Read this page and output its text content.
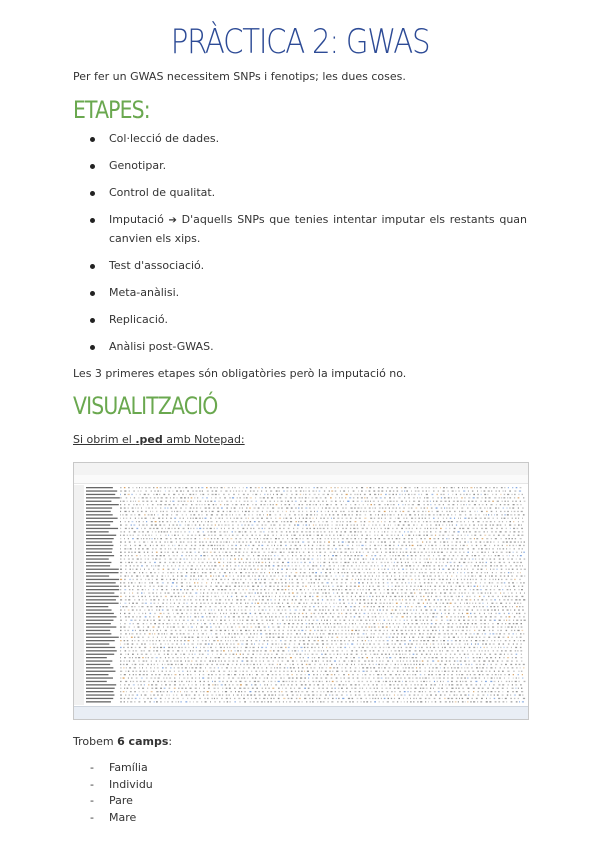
PRÀCTICA 2: GWAS
Per fer un GWAS necessitem SNPs i fenotips; les dues coses.
ETAPES:
Col·lecció de dades.
Genotipar.
Control de qualitat.
Imputació ➔ D'aquells SNPs que tenies intentar imputar els restants quan canvien els xips.
Test d'associació.
Meta-anàlisi.
Replicació.
Anàlisi post-GWAS.
Les 3 primeres etapes són obligatòries però la imputació no.
VISUALITZACIÓ
Si obrim el .ped amb Notepad:
Trobem 6 camps:
- Família
- Individu
- Pare
- Mare
